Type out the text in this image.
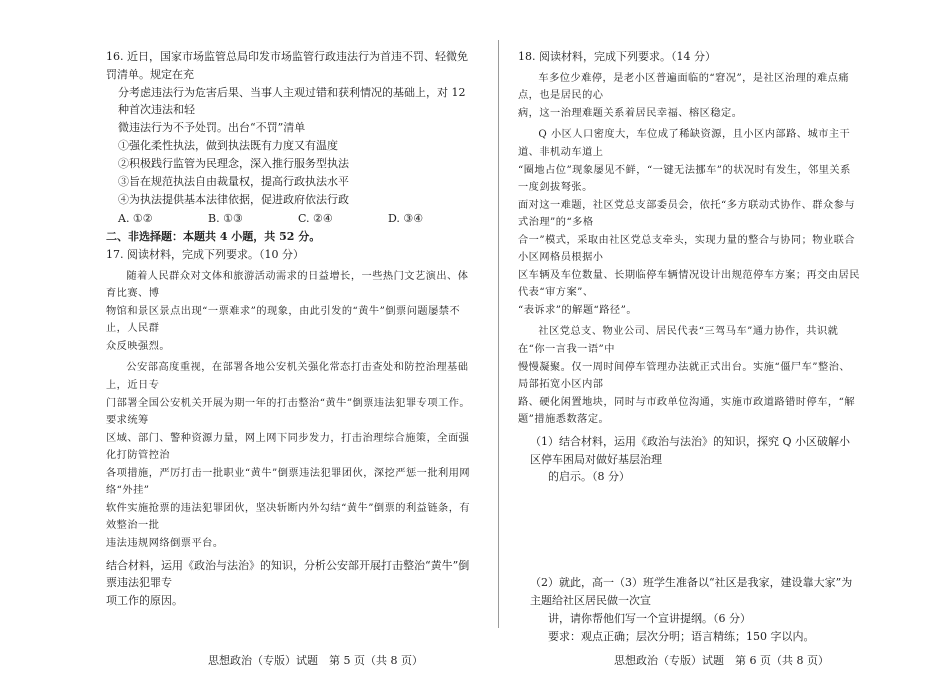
16. 近日，国家市场监管总局印发市场监管行政违法行为首违不罚、轻微免罚清单。规定在充

分考虑违法行为危害后果、当事人主观过错和获利情况的基础上，对 12 种首次违法和轻

微违法行为不予处罚。出台“不罚”清单

①强化柔性执法，做到执法既有力度又有温度
②积极践行监管为民理念，深入推行服务型执法
③旨在规范执法自由裁量权，提高行政执法水平
④为执法提供基本法律依据，促进政府依法行政
A. ①②	B. ①③	C. ②④	D. ③④

二、非选择题：本题共 4 小题，共 52 分。

17. 阅读材料，完成下列要求。（10 分）

随着人民群众对文体和旅游活动需求的日益增长，一些热门文艺演出、体育比赛、博

物馆和景区景点出现“一票难求”的现象，由此引发的“黄牛”倒票问题屡禁不止，人民群

众反映强烈。

公安部高度重视，在部署各地公安机关强化常态打击查处和防控治理基础上，近日专

门部署全国公安机关开展为期一年的打击整治“黄牛”倒票违法犯罪专项工作。要求统筹

区域、部门、警种资源力量，网上网下同步发力，打击治理综合施策，全面强化打防管控治

各项措施，严厉打击一批职业“黄牛”倒票违法犯罪团伙，深挖严惩一批利用网络“外挂”

软件实施抢票的违法犯罪团伙，坚决斩断内外勾结“黄牛”倒票的利益链条，有效整治一批

违法违规网络倒票平台。

结合材料，运用《政治与法治》的知识，分析公安部开展打击整治“黄牛”倒票违法犯罪专

项工作的原因。

18. 阅读材料，完成下列要求。（14 分）

车多位少难停，是老小区普遍面临的“窘况”，是社区治理的难点痛点，也是居民的心

病，这一治理难题关系着居民幸福、榕区稳定。

Q 小区人口密度大，车位成了稀缺资源，且小区内部路、城市主干道、非机动车道上

“圈地占位”现象屡见不鲜，“一键无法挪车”的状况时有发生，邻里关系一度剑拔弩张。

面对这一难题，社区党总支部委员会，依托“多方联动式协作、群众参与式治理”的“多格

合一”模式，采取由社区党总支牵头，实现力量的整合与协同；物业联合小区网格员根据小

区车辆及车位数量、长期临停车辆情况设计出规范停车方案；再交由居民代表“审方案”、

“表诉求”的解题“路径”。

社区党总支、物业公司、居民代表“三驾马车”通力协作，共识就在“你一言我一语”中

慢慢凝聚。仅一周时间停车管理办法就正式出台。实施“僵尸车”整治、局部拓宽小区内部

路、硬化闲置地块，同时与市政单位沟通，实施市政道路错时停车，“解题”措施悉数落定。

（1）结合材料，运用《政治与法治》的知识，探究 Q 小区破解小区停车困局对做好基层治理

的启示。（8 分）

（2）就此，高一（3）班学生准备以“社区是我家，建设靠大家”为主题给社区居民做一次宣

讲，请你帮他们写一个宣讲提纲。（6 分）

要求：观点正确；层次分明；语言精练；150 字以内。

思想政治（专版）试题　第 5 页（共 8 页）	思想政治（专版）试题　第 6 页（共 8 页）
